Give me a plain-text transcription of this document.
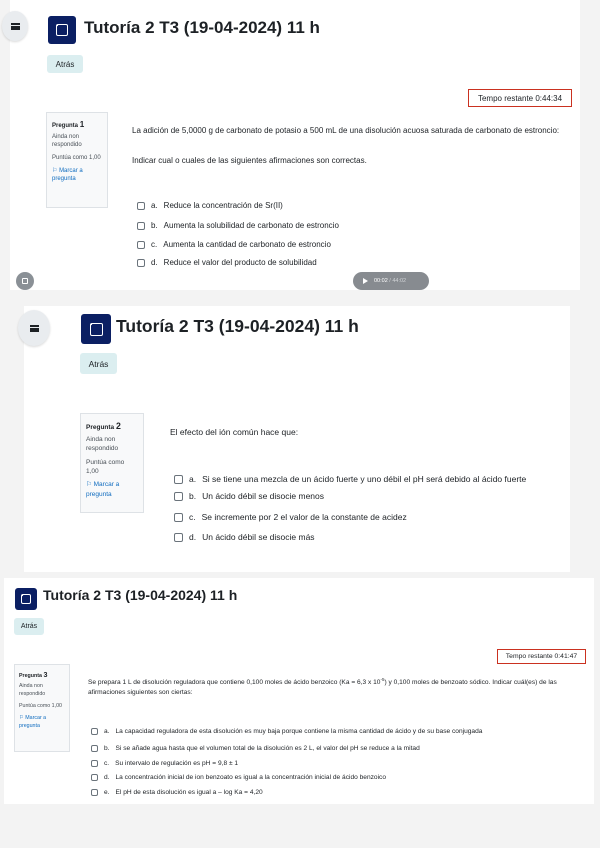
Tutoría 2 T3 (19-04-2024) 11 h
Atrás
Tempo restante 0:44:34
Pregunta 1
Ainda non respondido
Puntúa como 1,00
⚐ Marcar a pregunta
La adición de 5,0000 g de carbonato de potasio a 500 mL de una disolución acuosa saturada de carbonato de estroncio:
Indicar cual o cuales de las siguientes afirmaciones son correctas.
a. Reduce la concentración de Sr(II)
b. Aumenta la solubilidad de carbonato de estroncio
c. Aumenta la cantidad de carbonato de estroncio
d. Reduce el valor del producto de solubilidad
00:02
/ 44:02
Tutoría 2 T3 (19-04-2024) 11 h
Atrás
Pregunta 2
Ainda non respondido
Puntúa como 1,00
⚐ Marcar a pregunta
El efecto del ión común hace que:
a. Si se tiene una mezcla de un ácido fuerte y uno débil el pH será debido al ácido fuerte
b. Un ácido débil se disocie menos
c. Se incremente por 2 el valor de la constante de acidez
d. Un ácido débil se disocie más
Tutoría 2 T3 (19-04-2024) 11 h
Atrás
Tempo restante 0:41:47
Pregunta 3
Ainda non respondido
Puntúa como 1,00
⚐ Marcar a pregunta
Se prepara 1 L de disolución reguladora que contiene 0,100 moles de ácido benzoico (Ka = 6,3 x $10^{-5}$) y 0,100 moles de benzoato sódico. Indicar cuál(es) de las afirmaciones siguientes son ciertas:
a. La capacidad reguladora de esta disolución es muy baja porque contiene la misma cantidad de ácido y de su base conjugada
b. Si se añade agua hasta que el volumen total de la disolución es 2 L, el valor del pH se reduce a la mitad
c. Su intervalo de regulación es pH = 9,8 ± 1
d. La concentración inicial de ion benzoato es igual a la concentración inicial de ácido benzoico
e. El pH de esta disolución es igual a – log Ka = 4,20
